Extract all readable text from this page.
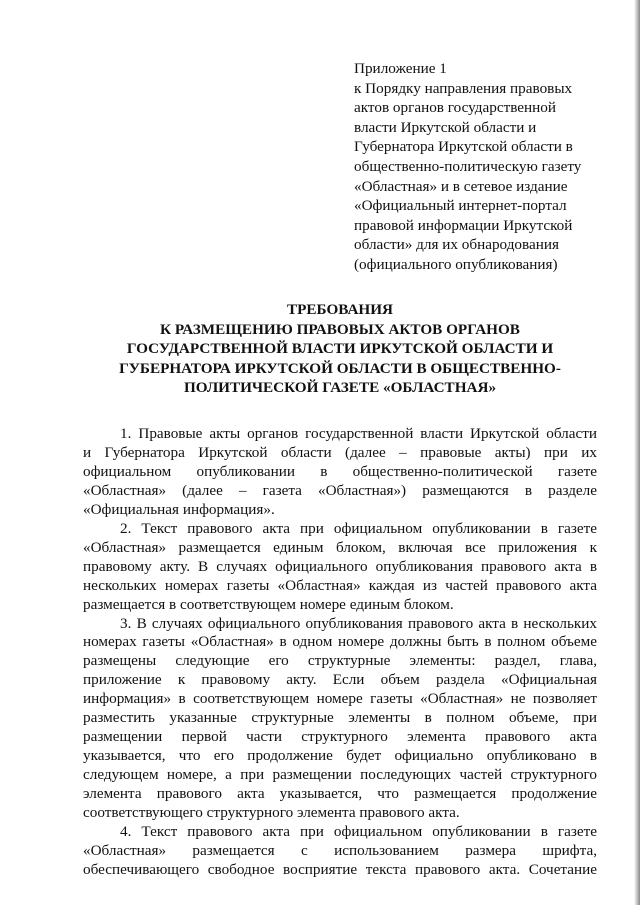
Приложение 1
к Порядку направления правовых
актов органов государственной
власти Иркутской области и
Губернатора Иркутской области в
общественно-политическую газету
«Областная» и в сетевое издание
«Официальный интернет-портал
правовой информации Иркутской
области» для их обнародования
(официального опубликования)
ТРЕБОВАНИЯ
К РАЗМЕЩЕНИЮ ПРАВОВЫХ АКТОВ ОРГАНОВ
ГОСУДАРСТВЕННОЙ ВЛАСТИ ИРКУТСКОЙ ОБЛАСТИ И
ГУБЕРНАТОРА ИРКУТСКОЙ ОБЛАСТИ В ОБЩЕСТВЕННО-
ПОЛИТИЧЕСКОЙ ГАЗЕТЕ «ОБЛАСТНАЯ»
1. Правовые акты органов государственной власти Иркутской области
и Губернатора Иркутской области (далее – правовые акты) при их
официальном опубликовании в общественно-политической газете
«Областная» (далее – газета «Областная») размещаются в разделе
«Официальная информация».
2. Текст правового акта при официальном опубликовании в газете
«Областная» размещается единым блоком, включая все приложения к
правовому акту. В случаях официального опубликования правового акта в
нескольких номерах газеты «Областная» каждая из частей правового акта
размещается в соответствующем номере единым блоком.
3. В случаях официального опубликования правового акта в нескольких
номерах газеты «Областная» в одном номере должны быть в полном объеме
размещены следующие его структурные элементы: раздел, глава,
приложение к правовому акту. Если объем раздела «Официальная
информация» в соответствующем номере газеты «Областная» не позволяет
разместить указанные структурные элементы в полном объеме, при
размещении первой части структурного элемента правового акта
указывается, что его продолжение будет официально опубликовано в
следующем номере, а при размещении последующих частей структурного
элемента правового акта указывается, что размещается продолжение
соответствующего структурного элемента правового акта.
4. Текст правового акта при официальном опубликовании в газете
«Областная» размещается с использованием размера шрифта,
обеспечивающего свободное восприятие текста правового акта. Сочетание
